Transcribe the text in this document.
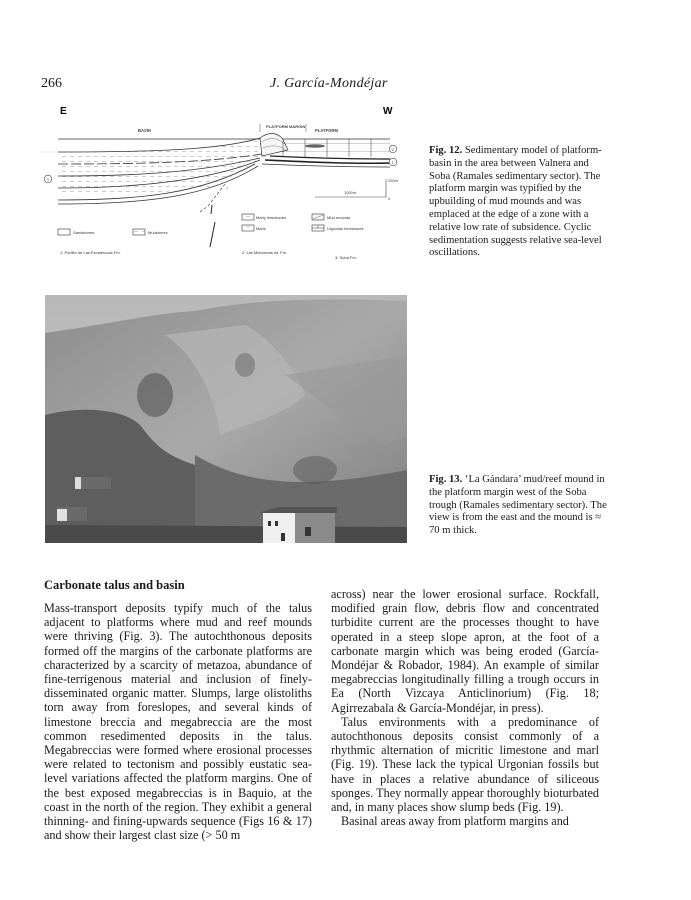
266	J. García-Mondéjar
E	W
BASIN
PLATFORM MARGIN
PLATFORM
?
3
2
1
1000m
250m
0
Sandstones	Mudstones
Marly limestones
Marls
Mud mounds
Urgonian limestones
1: Portillo de Las Escalerucas Fm.	2: Las Machorras lst. Fm.
3: Soba Fm.
Fig. 12. Sedimentary model of platform-basin in the area between Valnera and Soba (Ramales sedimentary sector). The platform margin was typified by the upbuilding of mud mounds and was emplaced at the edge of a zone with a relative low rate of subsidence. Cyclic sedimentation suggests relative sea-level oscillations.
Fig. 13. ‘La Gándara’ mud/reef mound in the platform margin west of the Soba trough (Ramales sedimentary sector). The view is from the east and the mound is ≈ 70 m thick.
Carbonate talus and basin

Mass-transport deposits typify much of the talus adjacent to platforms where mud and reef mounds were thriving (Fig. 3). The autochthonous deposits formed off the margins of the carbonate platforms are characterized by a scarcity of metazoa, abundance of fine-terrigenous material and inclusion of finely-disseminated organic matter. Slumps, large olistoliths torn away from foreslopes, and several kinds of limestone breccia and megabreccia are the most common resedimented deposits in the talus. Megabreccias were formed where erosional processes were related to tectonism and possibly eustatic sea-level variations affected the platform margins. One of the best exposed megabreccias is in Baquio, at the coast in the north of the region. They exhibit a general thinning- and fining-upwards sequence (Figs 16 & 17) and show their largest clast size (> 50 m

across) near the lower erosional surface. Rockfall, modified grain flow, debris flow and concentrated turbidite current are the processes thought to have operated in a steep slope apron, at the foot of a carbonate margin which was being eroded (García-Mondéjar & Robador, 1984). An example of similar megabreccias longitudinally filling a trough occurs in Ea (North Vizcaya Anticlinorium) (Fig. 18; Agirrezabala & García-Mondéjar, in press).

Talus environments with a predominance of autochthonous deposits consist commonly of a rhythmic alternation of micritic limestone and marl (Fig. 19). These lack the typical Urgonian fossils but have in places a relative abundance of siliceous sponges. They normally appear thoroughly bioturbated and, in many places show slump beds (Fig. 19).

Basinal areas away from platform margins and
